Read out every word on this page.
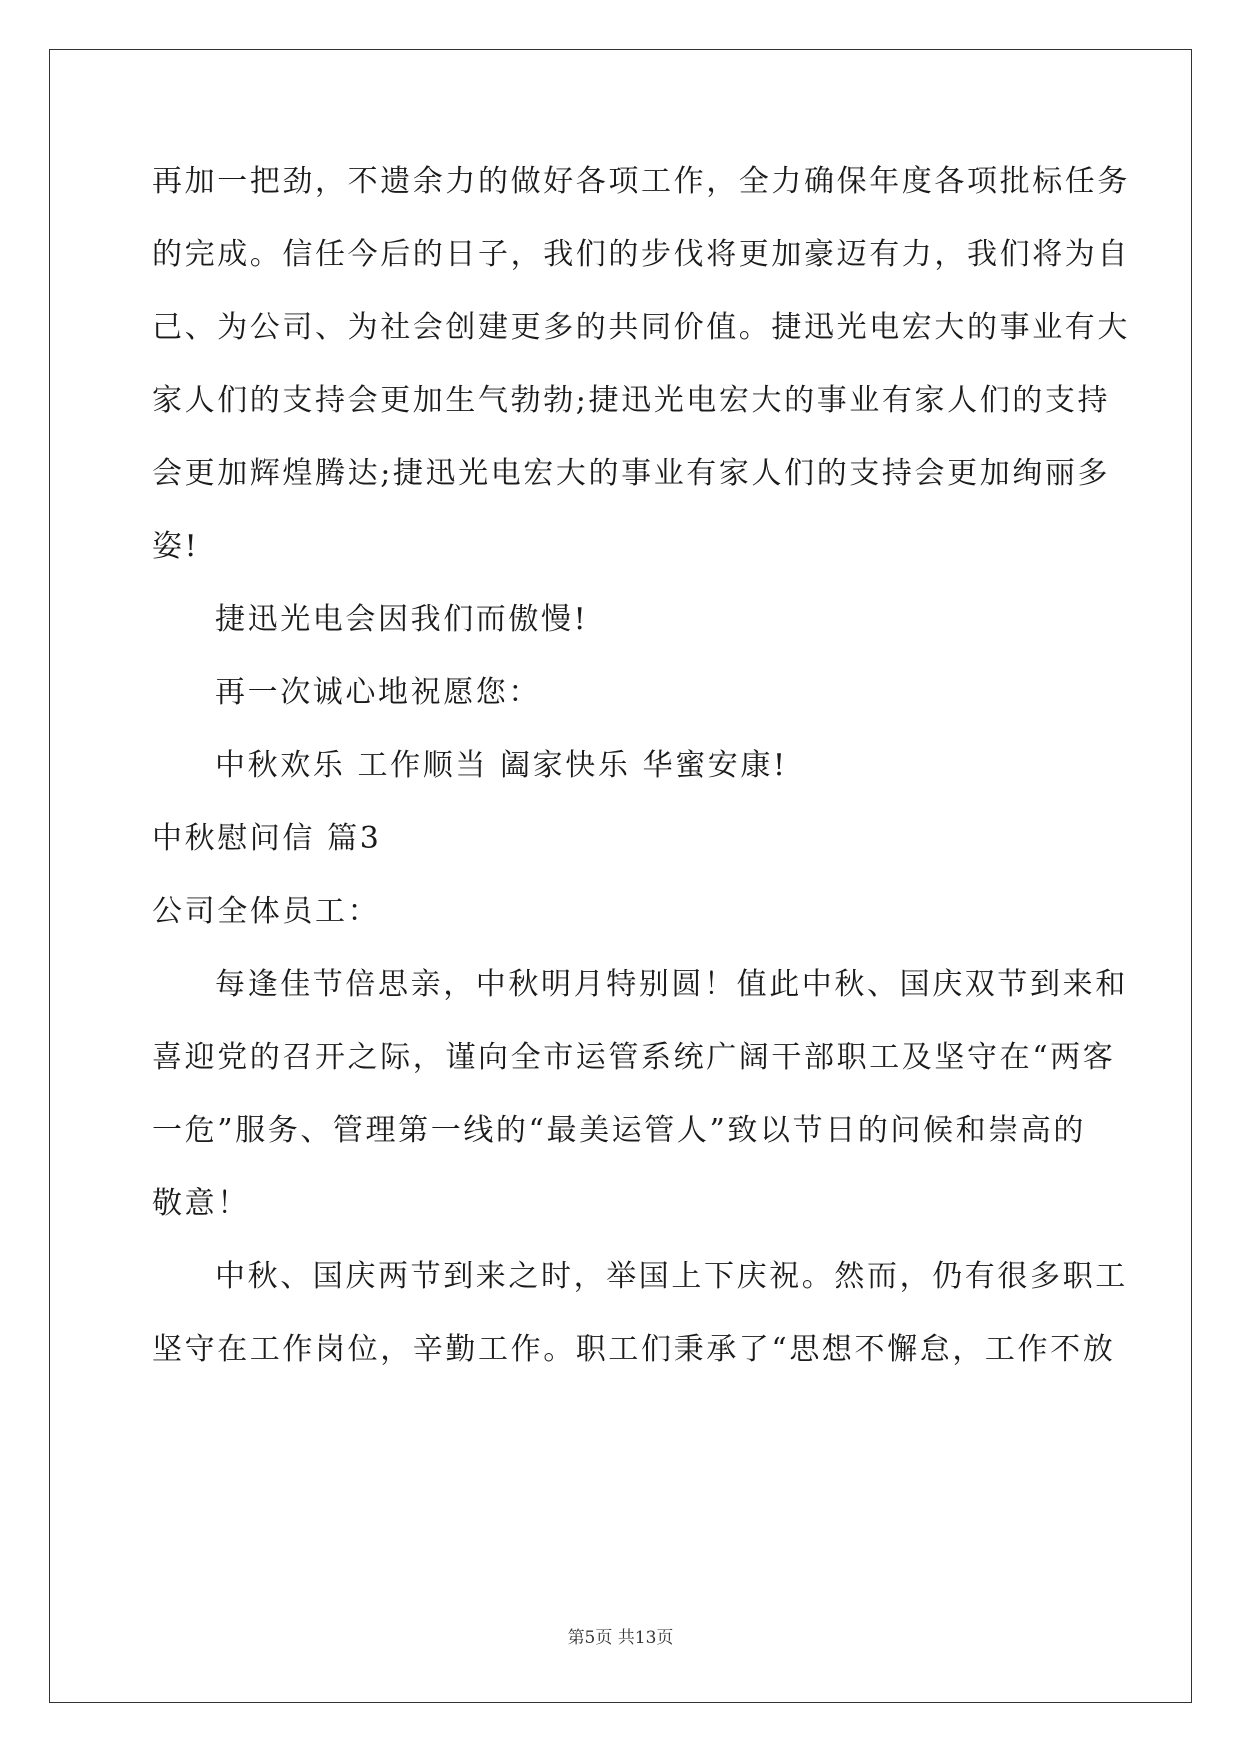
再加一把劲，不遗余力的做好各项工作，全力确保年度各项批标任务
的完成。信任今后的日子，我们的步伐将更加豪迈有力，我们将为自
己、为公司、为社会创建更多的共同价值。捷迅光电宏大的事业有大
家人们的支持会更加生气勃勃;捷迅光电宏大的事业有家人们的支持
会更加辉煌腾达;捷迅光电宏大的事业有家人们的支持会更加绚丽多
姿!
捷迅光电会因我们而傲慢!
再一次诚心地祝愿您：
中秋欢乐 工作顺当 阖家快乐 华蜜安康!
中秋慰问信 篇3
公司全体员工：
每逢佳节倍思亲，中秋明月特别圆！值此中秋、国庆双节到来和
喜迎党的召开之际，谨向全市运管系统广阔干部职工及坚守在“两客
一危”服务、管理第一线的“最美运管人”致以节日的问候和崇高的
敬意！
中秋、国庆两节到来之时，举国上下庆祝。然而，仍有很多职工
坚守在工作岗位，辛勤工作。职工们秉承了“思想不懈怠，工作不放
第5页 共13页
